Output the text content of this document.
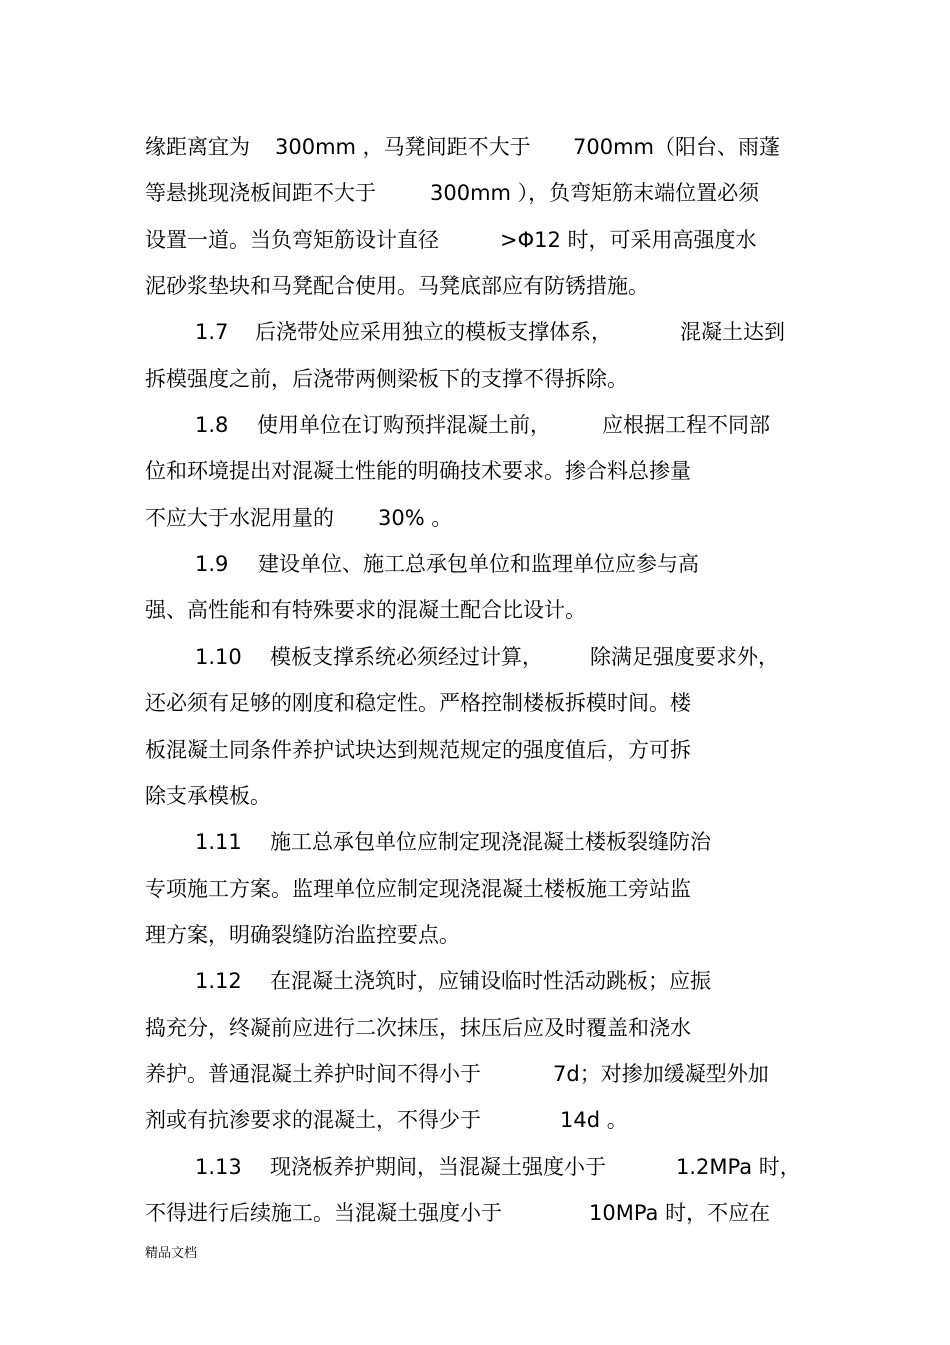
缘距离宜为

300mm ，马凳间距不大于

700mm（阳台、雨蓬

等悬挑现浇板间距不大于

	300mm ），负弯矩筋末端位置必须

设置一道。当负弯矩筋设计直径

	>Φ12 时，可采用高强度水

泥砂浆垫块和马凳配合使用。马凳底部应有防锈措施。

1.7

后浇带处应采用独立的模板支撑体系，

	混凝土达到

拆模强度之前，后浇带两侧梁板下的支撑不得拆除。

1.8

使用单位在订购预拌混凝土前，

应根据工程不同部

位和环境提出对混凝土性能的明确技术要求。掺合料总掺量

不应大于水泥用量的

30% 。

1.9

建设单位、施工总承包单位和监理单位应参与高

强、高性能和有特殊要求的混凝土配合比设计。

1.10

模板支撑系统必须经过计算，

除满足强度要求外，

还必须有足够的刚度和稳定性。严格控制楼板拆模时间。楼

板混凝土同条件养护试块达到规范规定的强度值后，方可拆

除支承模板。

1.11

施工总承包单位应制定现浇混凝土楼板裂缝防治

专项施工方案。监理单位应制定现浇混凝土楼板施工旁站监

理方案，明确裂缝防治监控要点。

1.12

在混凝土浇筑时，应铺设临时性活动跳板；应振

捣充分，终凝前应进行二次抹压，抹压后应及时覆盖和浇水

养护。普通混凝土养护时间不得小于

	7d；对掺加缓凝型外加

剂或有抗渗要求的混凝土，不得少于

	14d 。

1.13

现浇板养护期间，

当混凝土强度小于

	1.2MPa 时，

不得进行后续施工。当混凝土强度小于

	10MPa 时，不应在

精品文档
